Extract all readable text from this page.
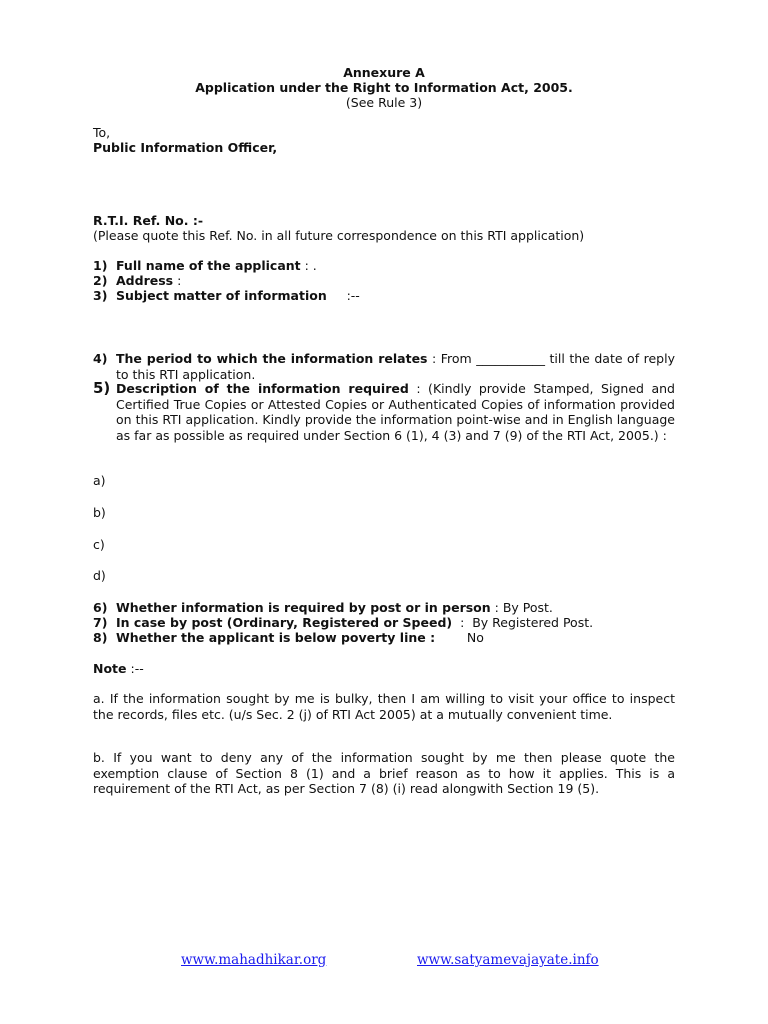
Annexure A
Application under the Right to Information Act, 2005.
(See Rule 3)
To,
Public Information Officer,
R.T.I. Ref. No. :-
(Please quote this Ref. No. in all future correspondence on this RTI application)
1) Full name of the applicant : .
2) Address :
3) Subject matter of information     :--
4) The period to which the information relates : From ___________ till the date of reply to this RTI application.
5) Description of the information required : (Kindly provide Stamped, Signed and Certified True Copies or Attested Copies or Authenticated Copies of information provided on this RTI application. Kindly provide the information point-wise and in English language as far as possible as required under Section 6 (1), 4 (3) and 7 (9) of the RTI Act, 2005.) :
a)
b)
c)
d)
6) Whether information is required by post or in person : By Post.
7) In case by post (Ordinary, Registered or Speed)  :  By Registered Post.
8) Whether the applicant is below poverty line :        No
Note :--
a. If the information sought by me is bulky, then I am willing to visit your office to inspect the records, files etc. (u/s Sec. 2 (j) of RTI Act 2005) at a mutually convenient time.
b. If you want to deny any of the information sought by me then please quote the exemption clause of Section 8 (1) and a brief reason as to how it applies. This is a requirement of the RTI Act, as per Section 7 (8) (i) read alongwith Section 19 (5).
www.mahadhikar.org	www.satyamevajayate.info
